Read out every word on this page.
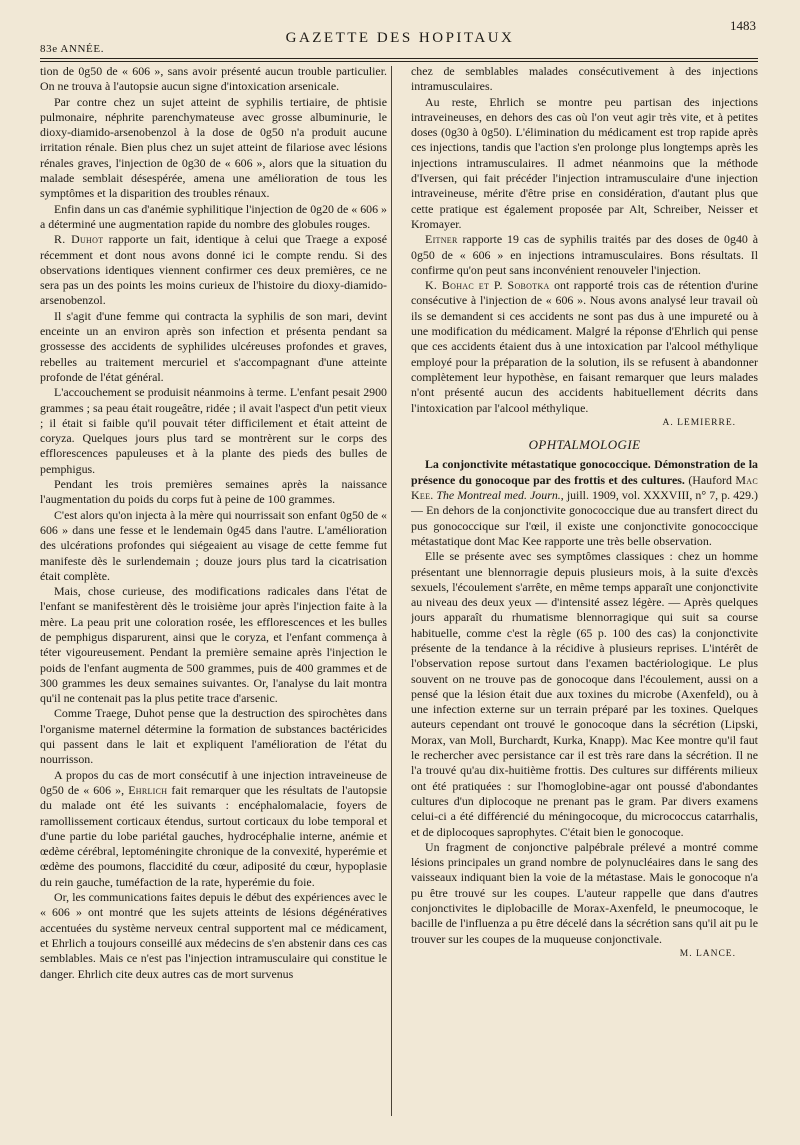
83e ANNÉE.
GAZETTE DES HOPITAUX
1483

tion de 0g50 de « 606 », sans avoir présenté aucun trouble particulier. On ne trouva à l'autopsie aucun signe d'intoxication arsenicale.

Par contre chez un sujet atteint de syphilis tertiaire, de phtisie pulmonaire, néphrite parenchymateuse avec grosse albuminurie, le dioxy-diamido-arsenobenzol à la dose de 0g50 n'a produit aucune irritation rénale. Bien plus chez un sujet atteint de filariose avec lésions rénales graves, l'injection de 0g30 de « 606 », alors que la situation du malade semblait désespérée, amena une amélioration de tous les symptômes et la disparition des troubles rénaux.

Enfin dans un cas d'anémie syphilitique l'injection de 0g20 de « 606 » a déterminé une augmentation rapide du nombre des globules rouges.

R. Duhot rapporte un fait, identique à celui que Traege a exposé récemment et dont nous avons donné ici le compte rendu. Si des observations identiques viennent confirmer ces deux premières, ce ne sera pas un des points les moins curieux de l'histoire du dioxy-diamido-arsenobenzol.

Il s'agit d'une femme qui contracta la syphilis de son mari, devint enceinte un an environ après son infection et présenta pendant sa grossesse des accidents de syphilides ulcéreuses profondes et graves, rebelles au traitement mercuriel et s'accompagnant d'une atteinte profonde de l'état général.

L'accouchement se produisit néanmoins à terme. L'enfant pesait 2900 grammes ; sa peau était rougeâtre, ridée ; il avait l'aspect d'un petit vieux ; il était si faible qu'il pouvait téter difficilement et était atteint de coryza. Quelques jours plus tard se montrèrent sur le corps des efflorescences papuleuses et à la plante des pieds des bulles de pemphigus.

Pendant les trois premières semaines après la naissance l'augmentation du poids du corps fut à peine de 100 grammes.

C'est alors qu'on injecta à la mère qui nourrissait son enfant 0g50 de « 606 » dans une fesse et le lendemain 0g45 dans l'autre. L'amélioration des ulcérations profondes qui siégeaient au visage de cette femme fut manifeste dès le surlendemain ; douze jours plus tard la cicatrisation était complète.

Mais, chose curieuse, des modifications radicales dans l'état de l'enfant se manifestèrent dès le troisième jour après l'injection faite à la mère. La peau prit une coloration rosée, les efflorescences et les bulles de pemphigus disparurent, ainsi que le coryza, et l'enfant commença à téter vigoureusement. Pendant la première semaine après l'injection le poids de l'enfant augmenta de 500 grammes, puis de 400 grammes et de 300 grammes les deux semaines suivantes. Or, l'analyse du lait montra qu'il ne contenait pas la plus petite trace d'arsenic.

Comme Traege, Duhot pense que la destruction des spirochètes dans l'organisme maternel détermine la formation de substances bactéricides qui passent dans le lait et expliquent l'amélioration de l'état du nourrisson.

A propos du cas de mort consécutif à une injection intraveineuse de 0g50 de « 606 », Ehrlich fait remarquer que les résultats de l'autopsie du malade ont été les suivants : encéphalomalacie, foyers de ramollissement corticaux étendus, surtout corticaux du lobe temporal et d'une partie du lobe pariétal gauches, hydrocéphalie interne, anémie et œdème cérébral, leptoméningite chronique de la convexité, hyperémie et œdème des poumons, flaccidité du cœur, adiposité du cœur, hypoplasie du rein gauche, tuméfaction de la rate, hyperémie du foie.

Or, les communications faites depuis le début des expériences avec le « 606 » ont montré que les sujets atteints de lésions dégénératives accentuées du système nerveux central supportent mal ce médicament, et Ehrlich a toujours conseillé aux médecins de s'en abstenir dans ces cas semblables. Mais ce n'est pas l'injection intramusculaire qui constitue le danger. Ehrlich cite deux autres cas de mort survenus

chez de semblables malades consécutivement à des injections intramusculaires.

Au reste, Ehrlich se montre peu partisan des injections intraveineuses, en dehors des cas où l'on veut agir très vite, et à petites doses (0g30 à 0g50). L'élimination du médicament est trop rapide après ces injections, tandis que l'action s'en prolonge plus longtemps après les injections intramusculaires. Il admet néanmoins que la méthode d'Iversen, qui fait précéder l'injection intramusculaire d'une injection intraveineuse, mérite d'être prise en considération, d'autant plus que cette pratique est également proposée par Alt, Schreiber, Neisser et Kromayer.

Eitner rapporte 19 cas de syphilis traités par des doses de 0g40 à 0g50 de « 606 » en injections intramusculaires. Bons résultats. Il confirme qu'on peut sans inconvénient renouveler l'injection.

K. Bohac et P. Sobotka ont rapporté trois cas de rétention d'urine consécutive à l'injection de « 606 ». Nous avons analysé leur travail où ils se demandent si ces accidents ne sont pas dus à une impureté ou à une modification du médicament. Malgré la réponse d'Ehrlich qui pense que ces accidents étaient dus à une intoxication par l'alcool méthylique employé pour la préparation de la solution, ils se refusent à abandonner complètement leur hypothèse, en faisant remarquer que leurs malades n'ont présenté aucun des accidents habituellement décrits dans l'intoxication par l'alcool méthylique.

A. LEMIERRE.

OPHTALMOLOGIE

La conjonctivite métastatique gonococcique. Démonstration de la présence du gonocoque par des frottis et des cultures. (Hauford Mac Kee. The Montreal med. Journ., juill. 1909, vol. XXXVIII, n° 7, p. 429.) — En dehors de la conjonctivite gonococcique due au transfert direct du pus gonococcique sur l'œil, il existe une conjonctivite gonococcique métastatique dont Mac Kee rapporte une très belle observation.

Elle se présente avec ses symptômes classiques : chez un homme présentant une blennorragie depuis plusieurs mois, à la suite d'excès sexuels, l'écoulement s'arrête, en même temps apparaît une conjonctivite au niveau des deux yeux — d'intensité assez légère. — Après quelques jours apparaît du rhumatisme blennorragique qui suit sa course habituelle, comme c'est la règle (65 p. 100 des cas) la conjonctivite présente de la tendance à la récidive à plusieurs reprises. L'intérêt de l'observation repose surtout dans l'examen bactériologique. Le plus souvent on ne trouve pas de gonocoque dans l'écoulement, aussi on a pensé que la lésion était due aux toxines du microbe (Axenfeld), ou à une infection externe sur un terrain préparé par les toxines. Quelques auteurs cependant ont trouvé le gonocoque dans la sécrétion (Lipski, Morax, van Moll, Burchardt, Kurka, Knapp). Mac Kee montre qu'il faut le rechercher avec persistance car il est très rare dans la sécrétion. Il ne l'a trouvé qu'au dix-huitième frottis. Des cultures sur différents milieux ont été pratiquées : sur l'homoglobine-agar ont poussé d'abondantes cultures d'un diplocoque ne prenant pas le gram. Par divers examens celui-ci a été différencié du méningocoque, du micrococcus catarrhalis, et de diplocoques saprophytes. C'était bien le gonocoque.

Un fragment de conjonctive palpébrale prélevé a montré comme lésions principales un grand nombre de polynucléaires dans le sang des vaisseaux indiquant bien la voie de la métastase. Mais le gonocoque n'a pu être trouvé sur les coupes. L'auteur rappelle que dans d'autres conjonctivites le diplobacille de Morax-Axenfeld, le pneumocoque, le bacille de l'influenza a pu être décelé dans la sécrétion sans qu'il ait pu le trouver sur les coupes de la muqueuse conjonctivale.

M. LANCE.
